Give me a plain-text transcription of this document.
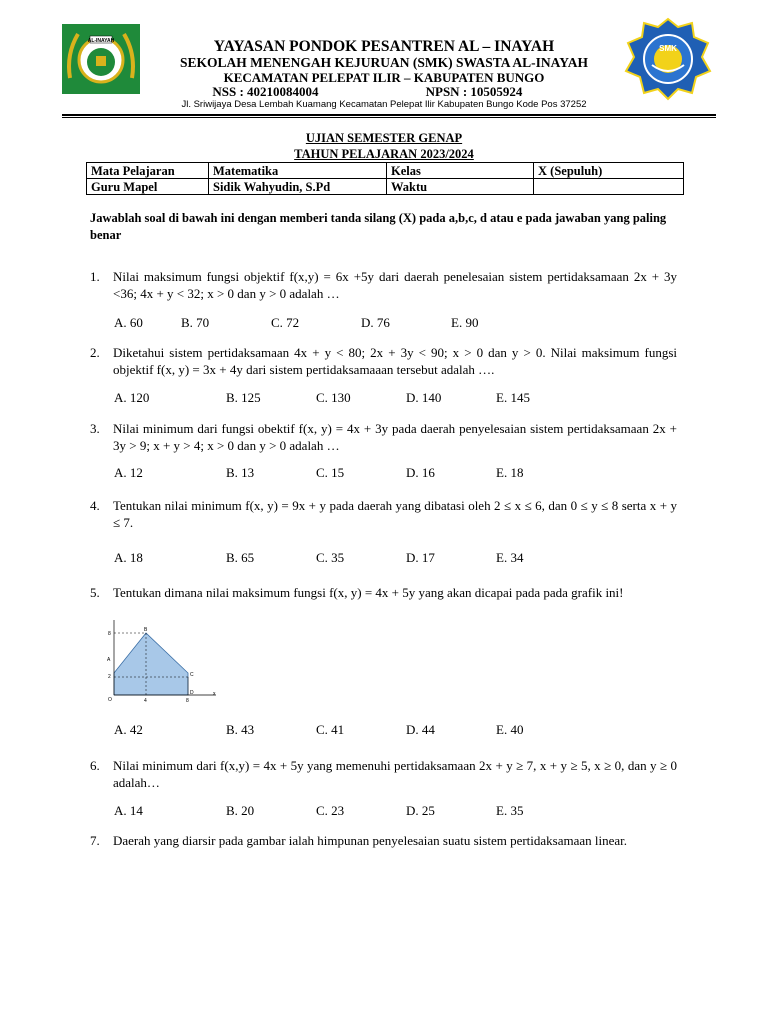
AL-INAYAH
SMK
YAYASAN PONDOK PESANTREN AL – INAYAH
SEKOLAH MENENGAH KEJURUAN (SMK) SWASTA AL-INAYAH
KECAMATAN PELEPAT ILIR – KABUPATEN BUNGO
NSS : 40210084004	NPSN : 10505924
Jl. Sriwijaya Desa Lembah Kuamang Kecamatan Pelepat Ilir Kabupaten Bungo Kode Pos 37252
UJIAN SEMESTER GENAP
TAHUN PELAJARAN 2023/2024
Mata Pelajaran	Matematika	Kelas	X (Sepuluh)
Guru Mapel	Sidik Wahyudin, S.Pd	Waktu	
Jawablah soal di bawah ini dengan memberi tanda silang (X) pada a,b,c, d atau e pada jawaban yang paling benar
1. Nilai maksimum fungsi objektif f(x,y) = 6x +5y dari daerah penelesaian sistem pertidaksamaan 2x + 3y <36; 4x + y < 32; x > 0 dan y > 0 adalah …
A. 60	B. 70	C. 72	D. 76	E. 90
2. Diketahui sistem pertidaksamaan 4x + y < 80; 2x + 3y < 90; x > 0 dan y > 0. Nilai maksimum fungsi objektif f(x, y) = 3x + 4y dari sistem pertidaksamaaan tersebut adalah ….
A. 120	B. 125	C. 130	D. 140	E. 145
3. Nilai minimum dari fungsi obektif f(x, y) = 4x + 3y pada daerah penyelesaian sistem pertidaksamaan 2x + 3y > 9; x + y > 4; x > 0 dan y > 0 adalah …
A. 12	B. 13	C. 15	D. 16	E. 18
4. Tentukan nilai minimum f(x, y) = 9x + y pada daerah yang dibatasi oleh 2 ≤ x ≤ 6, dan 0 ≤ y ≤ 8 serta x + y ≤ 7.
A. 18	B. 65	C. 35	D. 17	E. 34
5. Tentukan dimana nilai maksimum fungsi f(x, y) = 4x + 5y yang akan dicapai pada pada grafik ini!
8
A
2
O	4	8
x
B
C
D
A. 42	B. 43	C. 41	D. 44	E. 40
6. Nilai minimum dari f(x,y) = 4x + 5y yang memenuhi pertidaksamaan 2x + y ≥ 7, x + y ≥ 5, x ≥ 0, dan y ≥ 0 adalah…
A. 14	B. 20	C. 23	D. 25	E. 35
7. Daerah yang diarsir pada gambar ialah himpunan penyelesaian suatu sistem pertidaksamaan linear.
